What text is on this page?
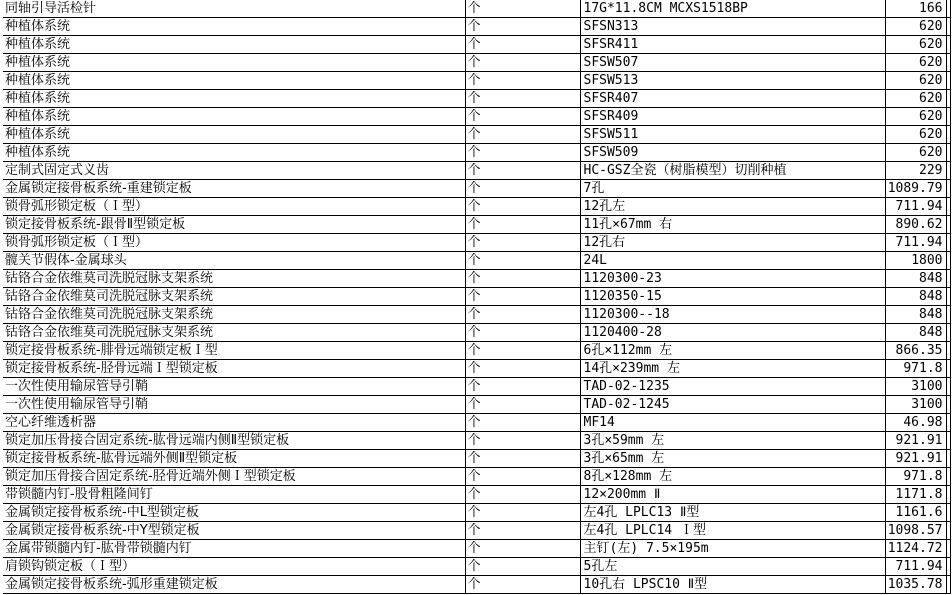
同轴引导活检针	个	17G*11.8CM MCXS1518BP	166	
种植体系统	个	SFSN313	620	
种植体系统	个	SFSR411	620	
种植体系统	个	SFSW507	620	
种植体系统	个	SFSW513	620	
种植体系统	个	SFSR407	620	
种植体系统	个	SFSR409	620	
种植体系统	个	SFSW511	620	
种植体系统	个	SFSW509	620	
定制式固定式义齿	个	HC-GSZ全瓷（树脂模型）切削种植	229	
金属锁定接骨板系统-重建锁定板	个	7孔	1089.79	
锁骨弧形锁定板（Ｉ型）	个	12孔左	711.94	
锁定接骨板系统-跟骨Ⅱ型锁定板	个	11孔×67mm 右	890.62	
锁骨弧形锁定板（Ｉ型）	个	12孔右	711.94	
髋关节假体-金属球头	个	24L	1800	
钴铬合金依维莫司洗脱冠脉支架系统	个	1120300-23	848	
钴铬合金依维莫司洗脱冠脉支架系统	个	1120350-15	848	
钴铬合金依维莫司洗脱冠脉支架系统	个	1120300--18	848	
钴铬合金依维莫司洗脱冠脉支架系统	个	1120400-28	848	
锁定接骨板系统-腓骨远端锁定板Ｉ型	个	6孔×112mm 左	866.35	
锁定接骨板系统-胫骨远端Ｉ型锁定板	个	14孔×239mm 左	971.8	
一次性使用输尿管导引鞘	个	TAD-02-1235	3100	
一次性使用输尿管导引鞘	个	TAD-02-1245	3100	
空心纤维透析器	个	MF14	46.98	
锁定加压骨接合固定系统-肱骨远端内侧Ⅱ型锁定板	个	3孔×59mm 左	921.91	
锁定接骨板系统-肱骨远端外侧Ⅱ型锁定板	个	3孔×65mm 左	921.91	
锁定加压骨接合固定系统-胫骨近端外侧Ｉ型锁定板	个	8孔×128mm 左	971.8	
带锁髓内钉-股骨粗隆间钉	个	12×200mm Ⅱ	1171.8	
金属锁定接骨板系统-中L型锁定板	个	左4孔 LPLC13 Ⅱ型	1161.6	
金属锁定接骨板系统-中Y型锁定板	个	左4孔 LPLC14 Ｉ型	1098.57	
金属带锁髓内钉-肱骨带锁髓内钉	个	主钉(左) 7.5×195m	1124.72	
肩锁钩锁定板（Ｉ型）	个	5孔左	711.94	
金属锁定接骨板系统-弧形重建锁定板	个	10孔右 LPSC10 Ⅱ型	1035.78	
